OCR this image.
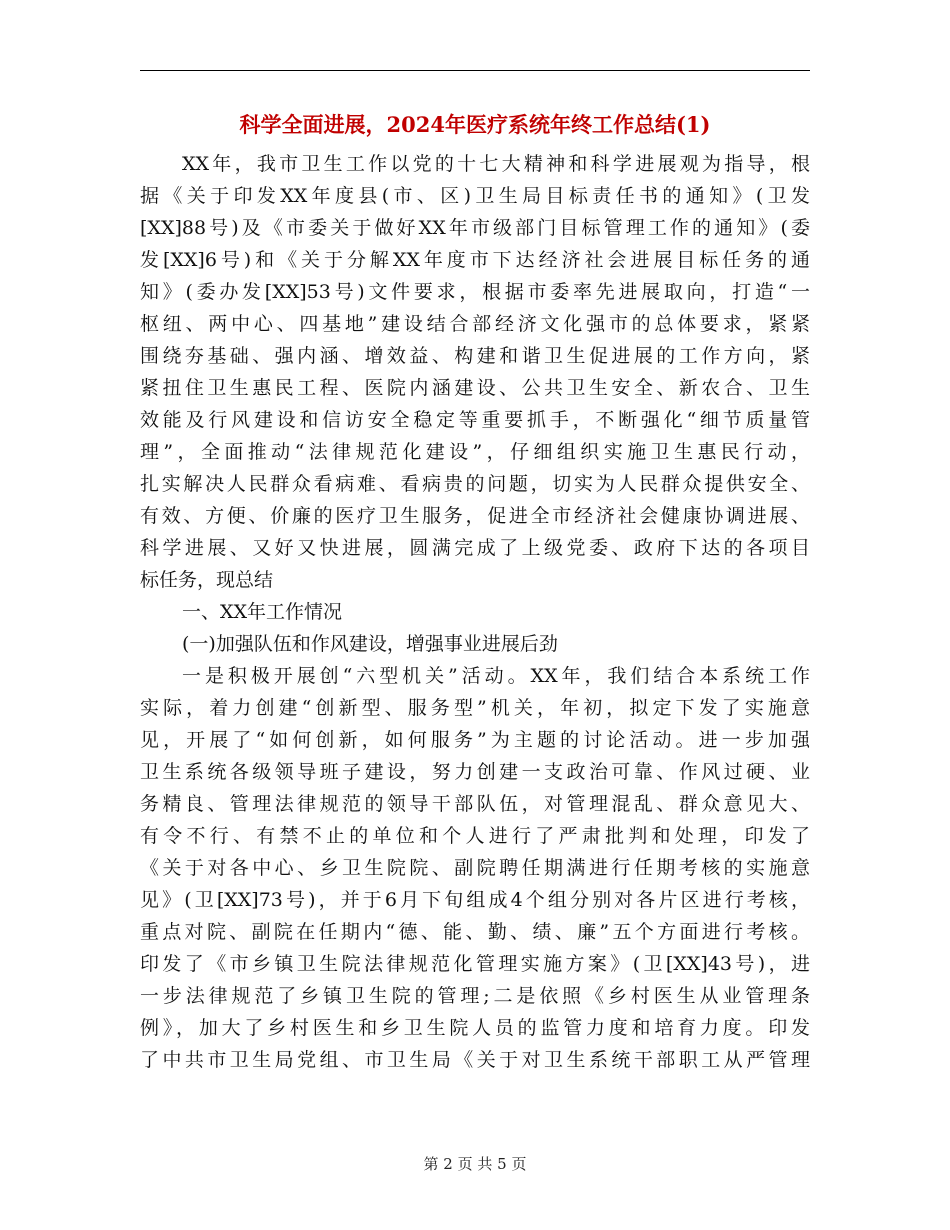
科学全面进展，2024年医疗系统年终工作总结(1)
XX年，我市卫生工作以党的十七大精神和科学进展观为指导，根
据《关于印发XX年度县(市、区)卫生局目标责任书的通知》(卫发
[XX]88号)及《市委关于做好XX年市级部门目标管理工作的通知》(委
发[XX]6号)和《关于分解XX年度市下达经济社会进展目标任务的通
知》(委办发[XX]53号)文件要求，根据市委率先进展取向，打造“一
枢纽、两中心、四基地”建设结合部经济文化强市的总体要求，紧紧
围绕夯基础、强内涵、增效益、构建和谐卫生促进展的工作方向，紧
紧扭住卫生惠民工程、医院内涵建设、公共卫生安全、新农合、卫生
效能及行风建设和信访安全稳定等重要抓手，不断强化“细节质量管
理”，全面推动“法律规范化建设”，仔细组织实施卫生惠民行动，
扎实解决人民群众看病难、看病贵的问题，切实为人民群众提供安全、
有效、方便、价廉的医疗卫生服务，促进全市经济社会健康协调进展、
科学进展、又好又快进展，圆满完成了上级党委、政府下达的各项目
标任务，现总结
一、XX年工作情况
(一)加强队伍和作风建设，增强事业进展后劲
一是积极开展创“六型机关”活动。XX年，我们结合本系统工作
实际，着力创建“创新型、服务型”机关，年初，拟定下发了实施意
见，开展了“如何创新，如何服务”为主题的讨论活动。进一步加强
卫生系统各级领导班子建设，努力创建一支政治可靠、作风过硬、业
务精良、管理法律规范的领导干部队伍，对管理混乱、群众意见大、
有令不行、有禁不止的单位和个人进行了严肃批判和处理，印发了
《关于对各中心、乡卫生院院、副院聘任期满进行任期考核的实施意
见》(卫[XX]73号)，并于6月下旬组成4个组分别对各片区进行考核，
重点对院、副院在任期内“德、能、勤、绩、廉”五个方面进行考核。
印发了《市乡镇卫生院法律规范化管理实施方案》(卫[XX]43号)，进
一步法律规范了乡镇卫生院的管理;二是依照《乡村医生从业管理条
例》，加大了乡村医生和乡卫生院人员的监管力度和培育力度。印发
了中共市卫生局党组、市卫生局《关于对卫生系统干部职工从严管理
第 2 页 共 5 页
